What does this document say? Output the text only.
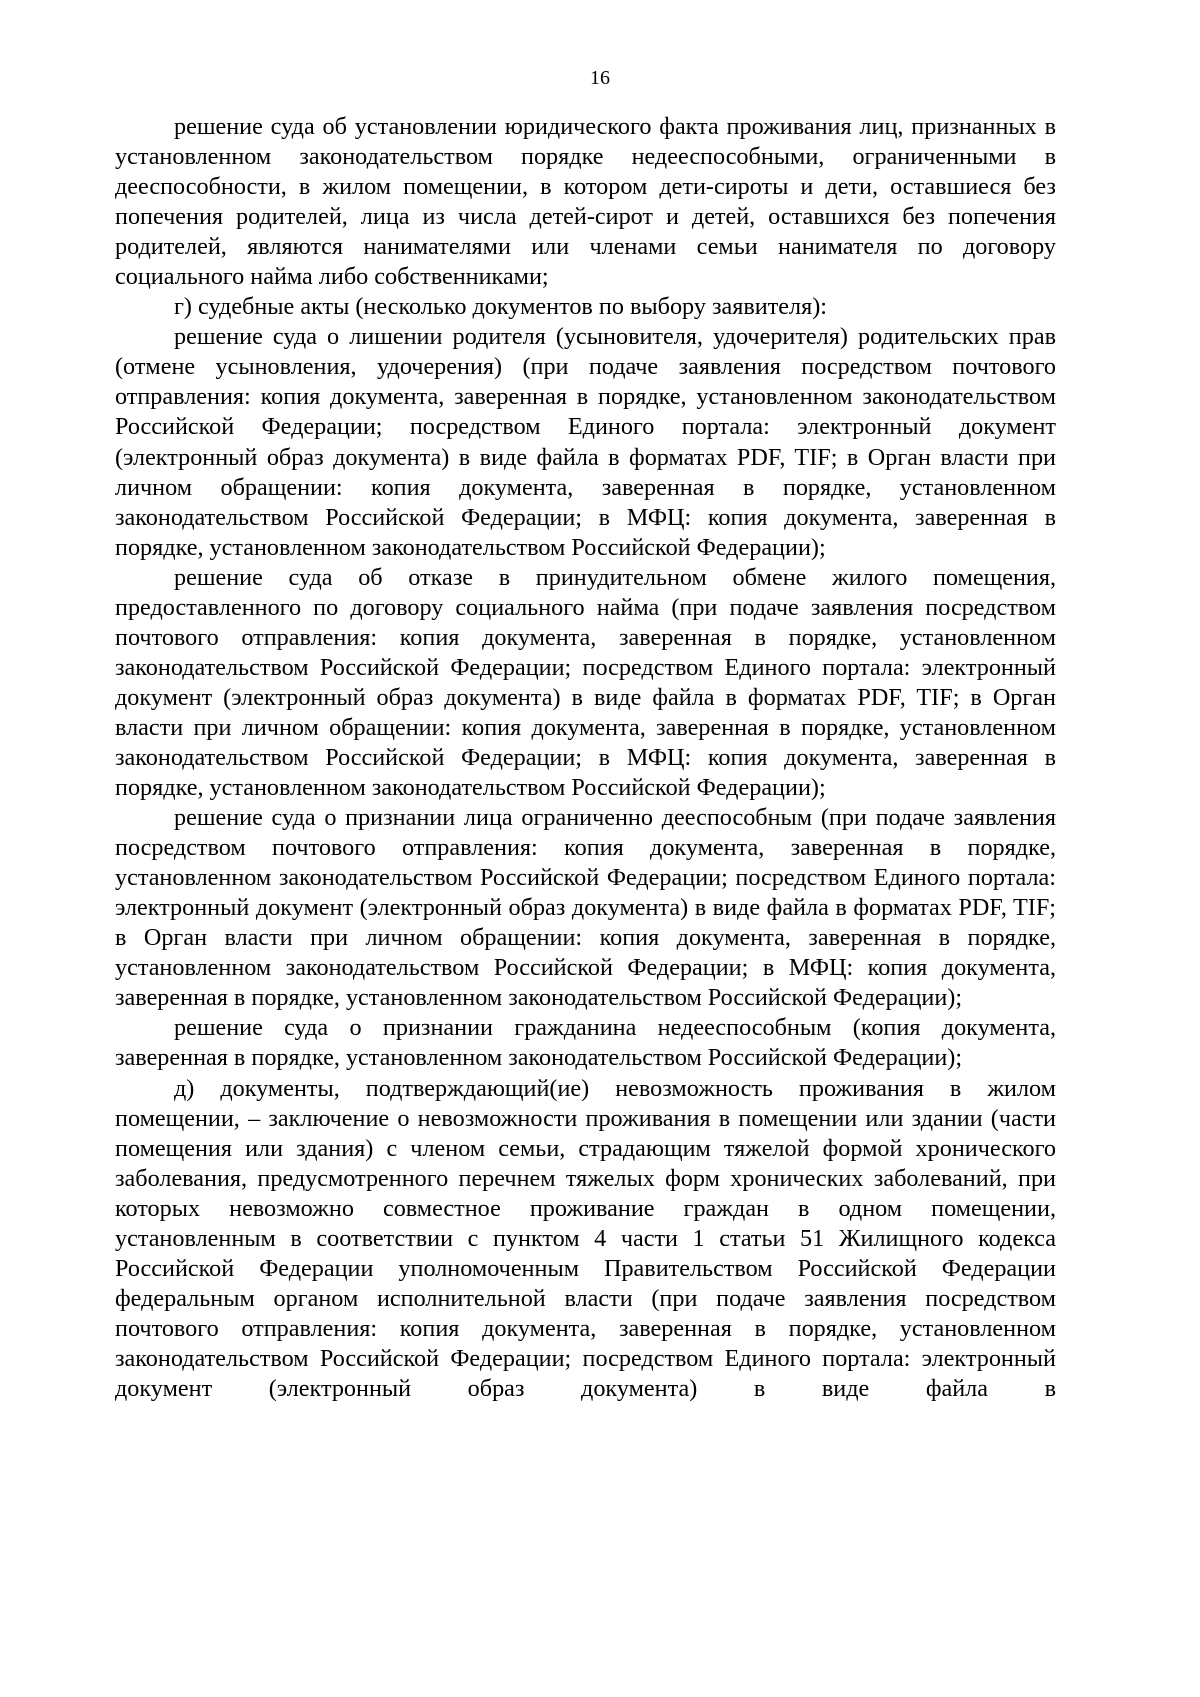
16

решение суда об установлении юридического факта проживания лиц, признанных в установленном законодательством порядке недееспособными, ограниченными в дееспособности, в жилом помещении, в котором дети-сироты и дети, оставшиеся без попечения родителей, лица из числа детей-сирот и детей, оставшихся без попечения родителей, являются нанимателями или членами семьи нанимателя по договору социального найма либо собственниками;

г) судебные акты (несколько документов по выбору заявителя):

решение суда о лишении родителя (усыновителя, удочерителя) родительских прав (отмене усыновления, удочерения) (при подаче заявления посредством почтового отправления: копия документа, заверенная в порядке, установленном законодательством Российской Федерации; посредством Единого портала: электронный документ (электронный образ документа) в виде файла в форматах PDF, TIF; в Орган власти при личном обращении: копия документа, заверенная в порядке, установленном законодательством Российской Федерации; в МФЦ: копия документа, заверенная в порядке, установленном законодательством Российской Федерации);

решение суда об отказе в принудительном обмене жилого помещения, предоставленного по договору социального найма (при подаче заявления посредством почтового отправления: копия документа, заверенная в порядке, установленном законодательством Российской Федерации; посредством Единого портала: электронный документ (электронный образ документа) в виде файла в форматах PDF, TIF; в Орган власти при личном обращении: копия документа, заверенная в порядке, установленном законодательством Российской Федерации; в МФЦ: копия документа, заверенная в порядке, установленном законодательством Российской Федерации);

решение суда о признании лица ограниченно дееспособным (при подаче заявления посредством почтового отправления: копия документа, заверенная в порядке, установленном законодательством Российской Федерации; посредством Единого портала: электронный документ (электронный образ документа) в виде файла в форматах PDF, TIF; в Орган власти при личном обращении: копия документа, заверенная в порядке, установленном законодательством Российской Федерации; в МФЦ: копия документа, заверенная в порядке, установленном законодательством Российской Федерации);

решение суда о признании гражданина недееспособным (копия документа, заверенная в порядке, установленном законодательством Российской Федерации);

д) документы, подтверждающий(ие) невозможность проживания в жилом помещении, – заключение о невозможности проживания в помещении или здании (части помещения или здания) с членом семьи, страдающим тяжелой формой хронического заболевания, предусмотренного перечнем тяжелых форм хронических заболеваний, при которых невозможно совместное проживание граждан в одном помещении, установленным в соответствии с пунктом 4 части 1 статьи 51 Жилищного кодекса Российской Федерации уполномоченным Правительством Российской Федерации федеральным органом исполнительной власти (при подаче заявления посредством почтового отправления: копия документа, заверенная в порядке, установленном законодательством Российской Федерации; посредством Единого портала: электронный документ (электронный образ документа) в виде файла в
